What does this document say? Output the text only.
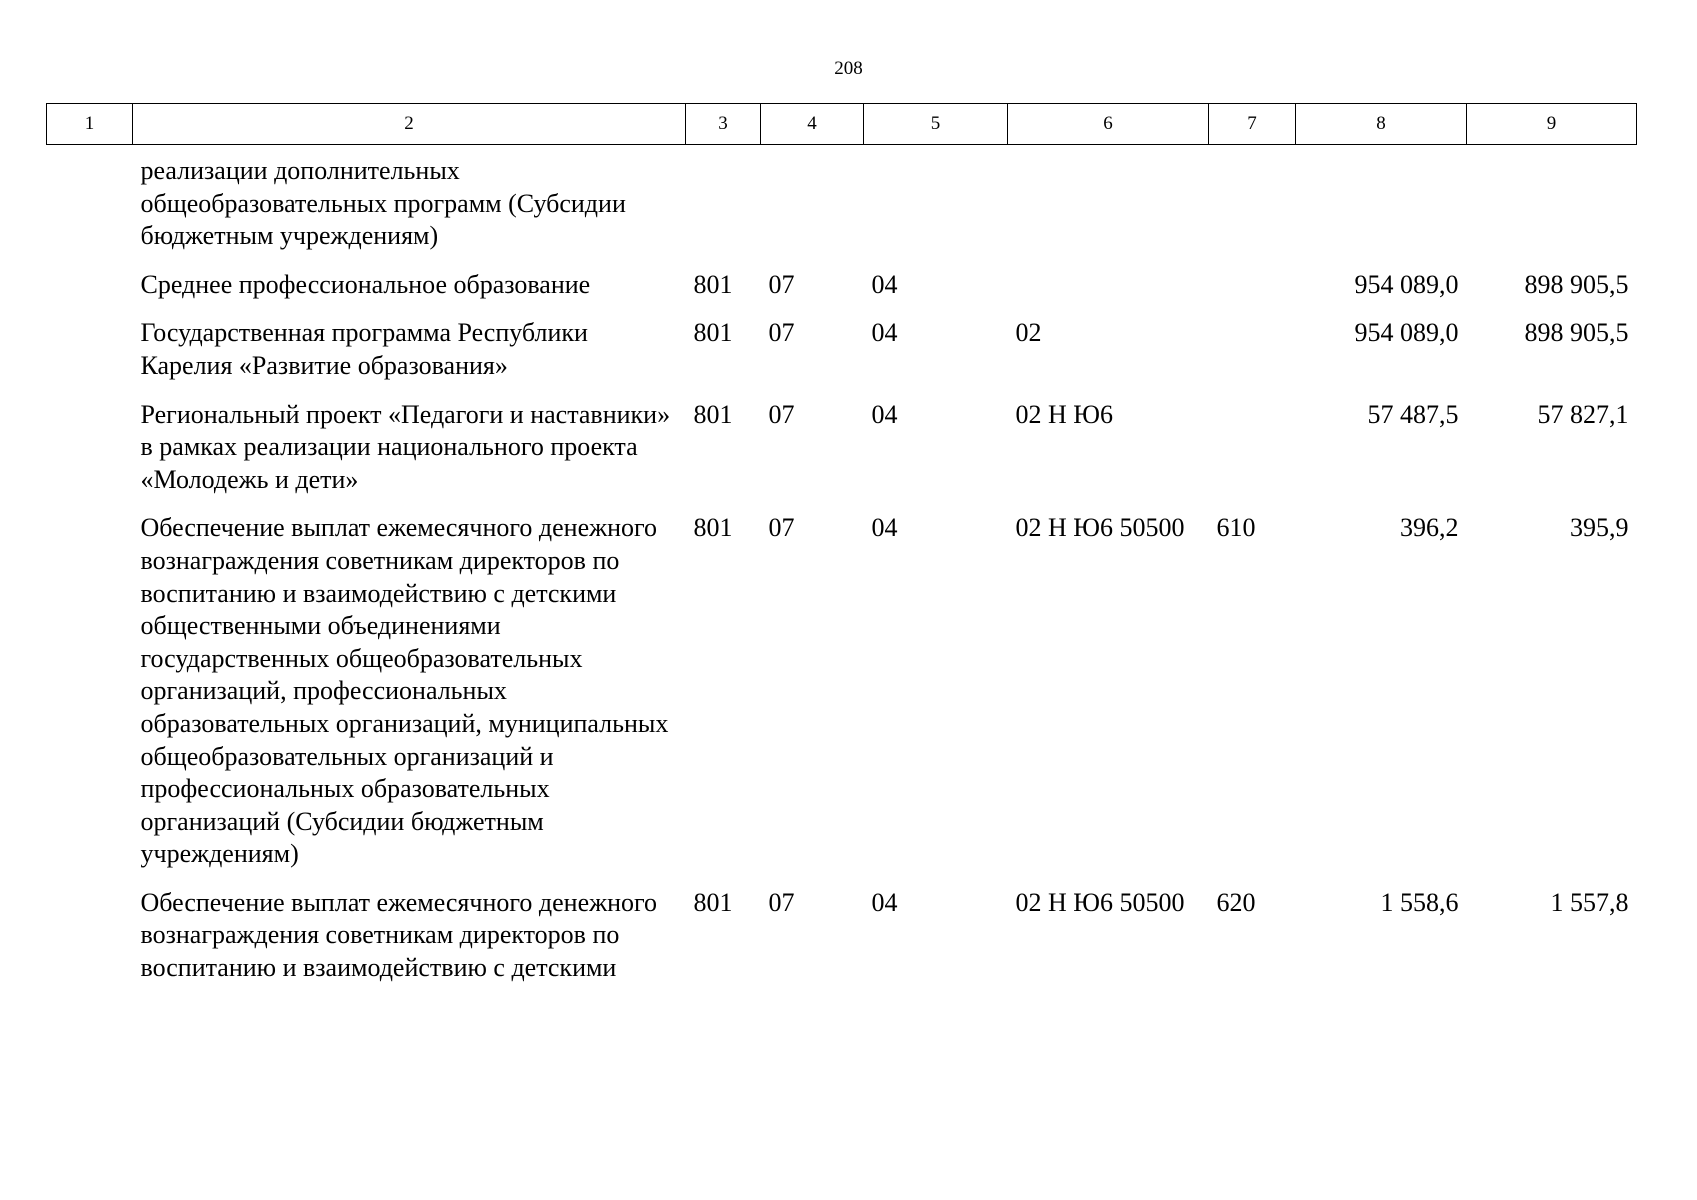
208
1	2	3	4	5	6	7	8	9
	реализации дополнительных общеобразовательных программ (Субсидии бюджетным учреждениям)							
	Среднее профессиональное образование	801	07	04			954 089,0	898 905,5
	Государственная программа Республики Карелия «Развитие образования»	801	07	04	02		954 089,0	898 905,5
	Региональный проект «Педагоги и наставники» в рамках реализации национального проекта «Молодежь и дети»	801	07	04	02 Н Ю6		57 487,5	57 827,1
	Обеспечение выплат ежемесячного денежного вознаграждения советникам директоров по воспитанию и взаимодействию с детскими общественными объединениями государственных общеобразовательных организаций, профессиональных образовательных организаций, муниципальных общеобразовательных организаций и профессиональных образовательных организаций (Субсидии бюджетным учреждениям)	801	07	04	02 Н Ю6 50500	610	396,2	395,9
	Обеспечение выплат ежемесячного денежного вознаграждения советникам директоров по воспитанию и взаимодействию с детскими	801	07	04	02 Н Ю6 50500	620	1 558,6	1 557,8
